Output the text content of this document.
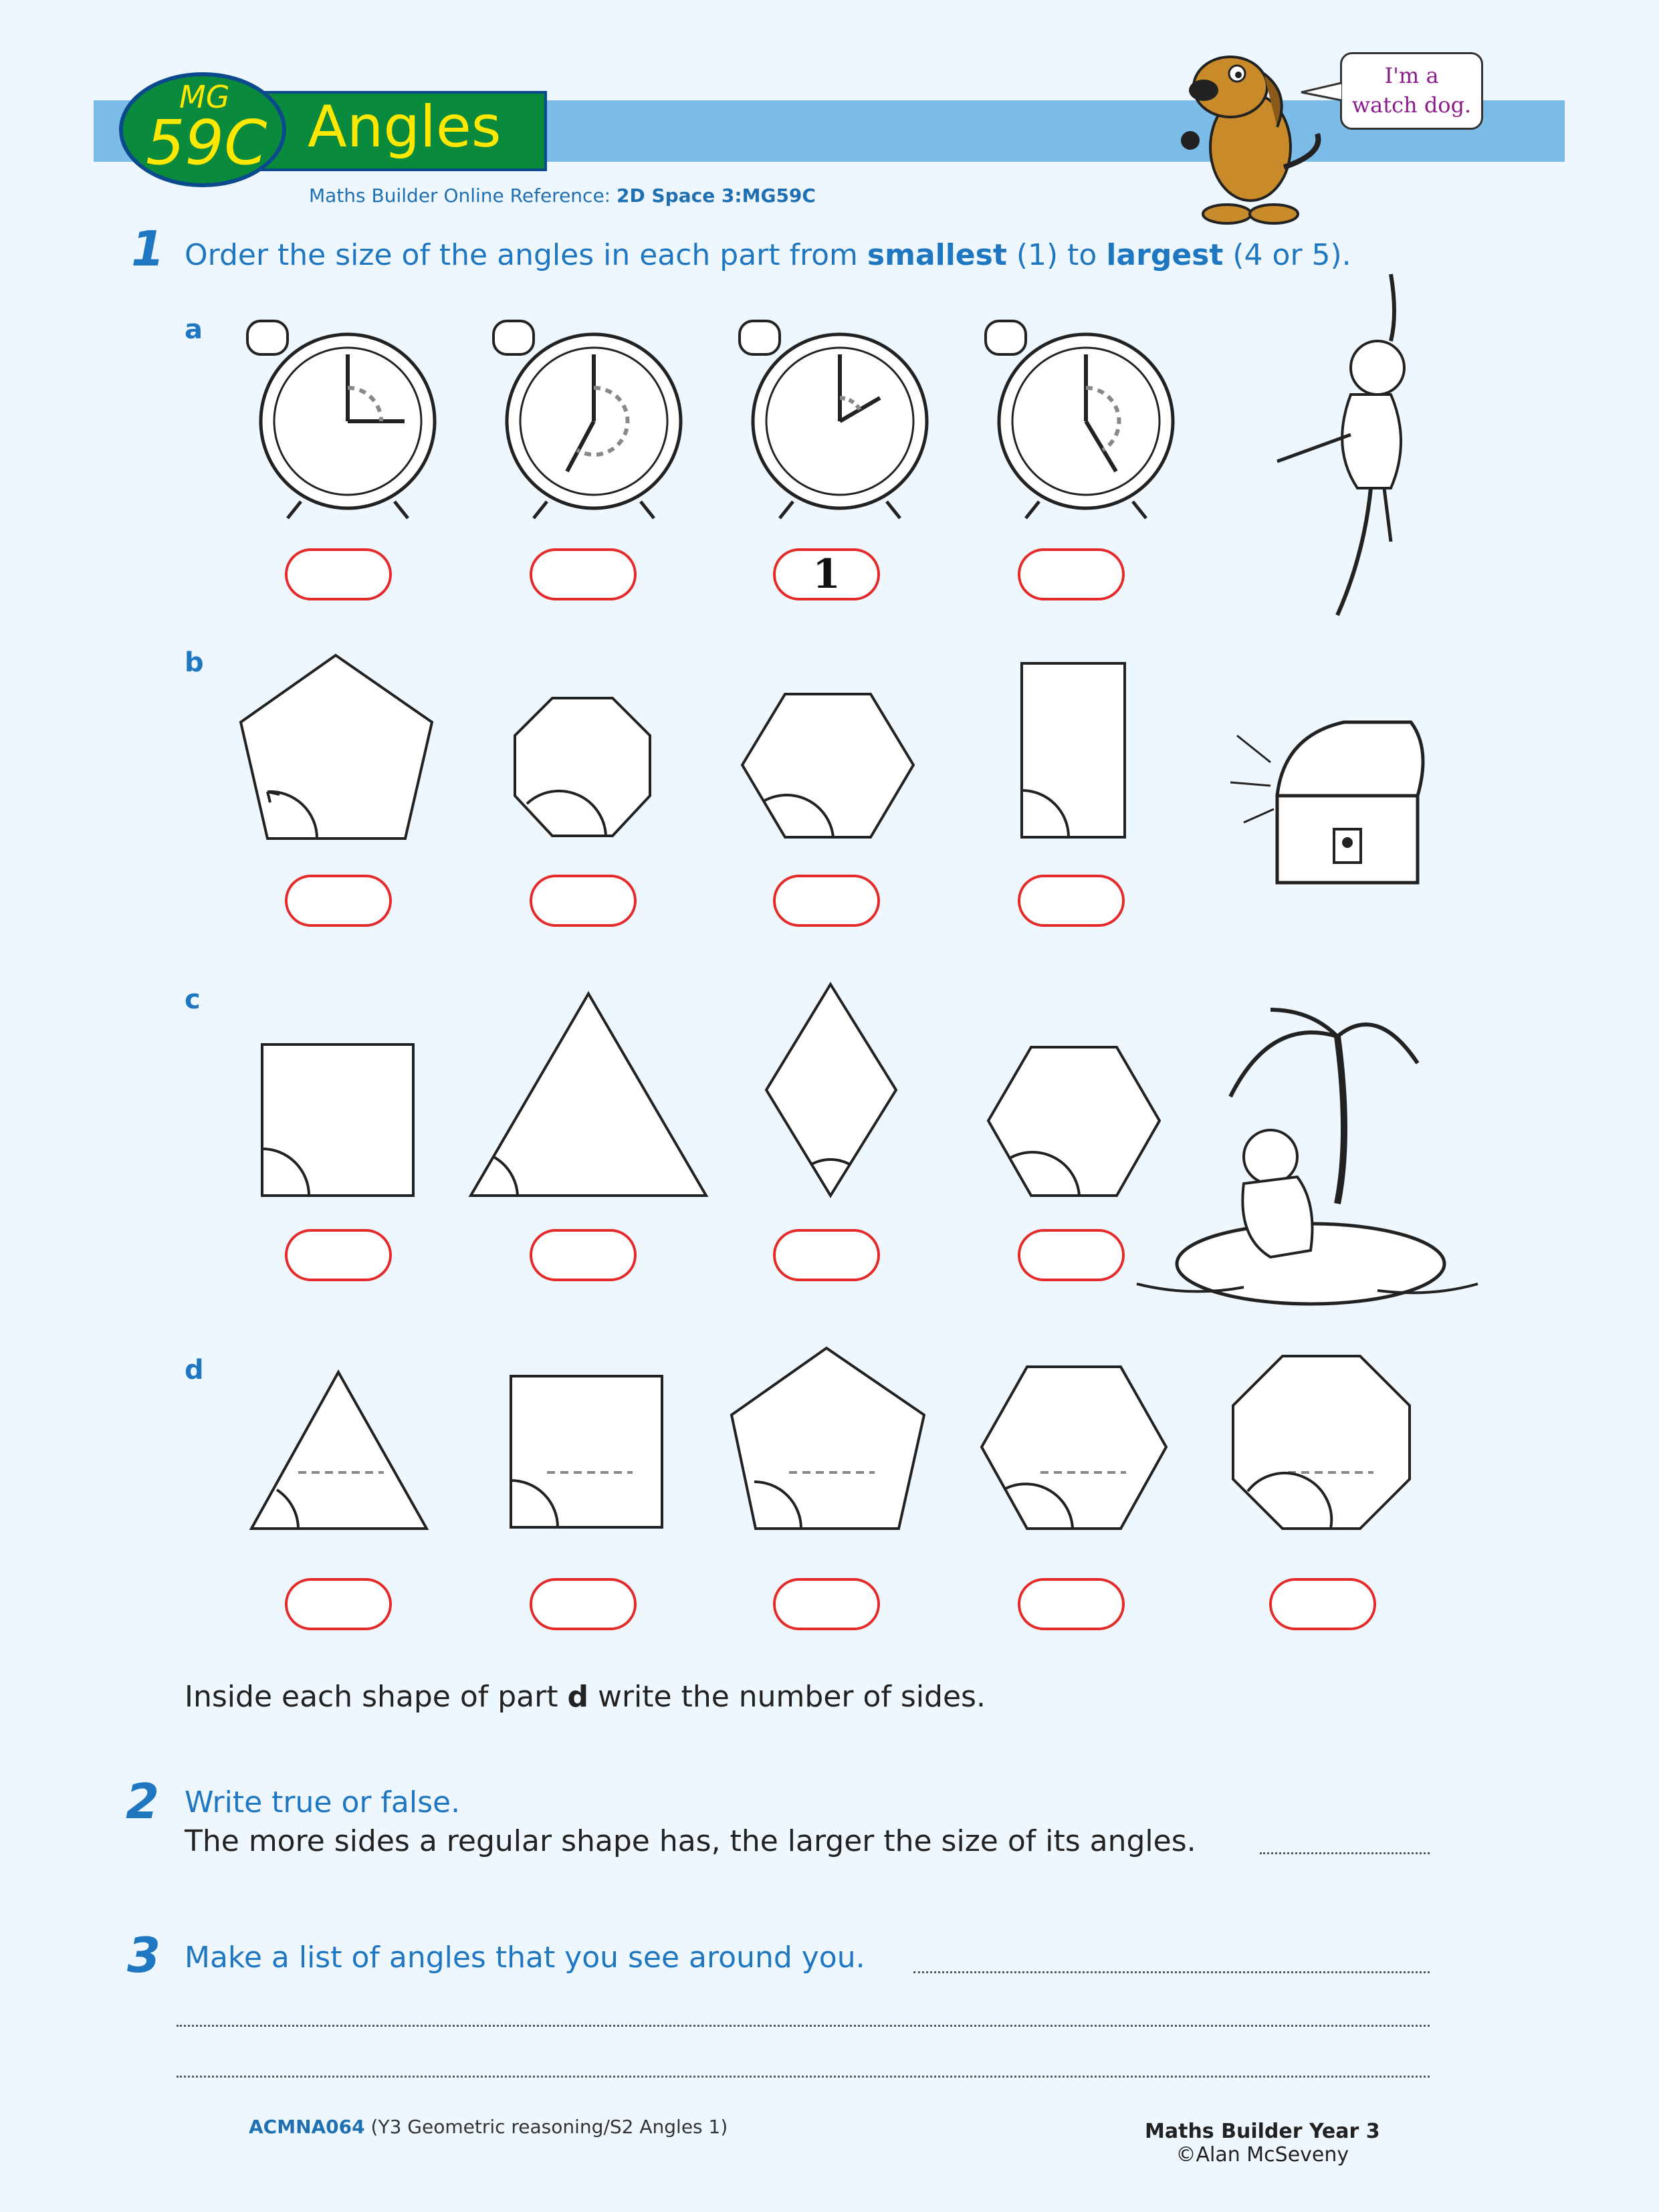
Angles
MG
59C
Maths Builder Online Reference: 2D Space 3:MG59C
I'm a
watch dog.
1 Order the size of the angles in each part from smallest (1) to largest (4 or 5).
a
1
b
c
d
Inside each shape of part d write the number of sides.
2 Write true or false.
The more sides a regular shape has, the larger the size of its angles.
3 Make a list of angles that you see around you.
ACMNA064 (Y3 Geometric reasoning/S2 Angles 1)	Maths Builder Year 3
©Alan McSeveny
